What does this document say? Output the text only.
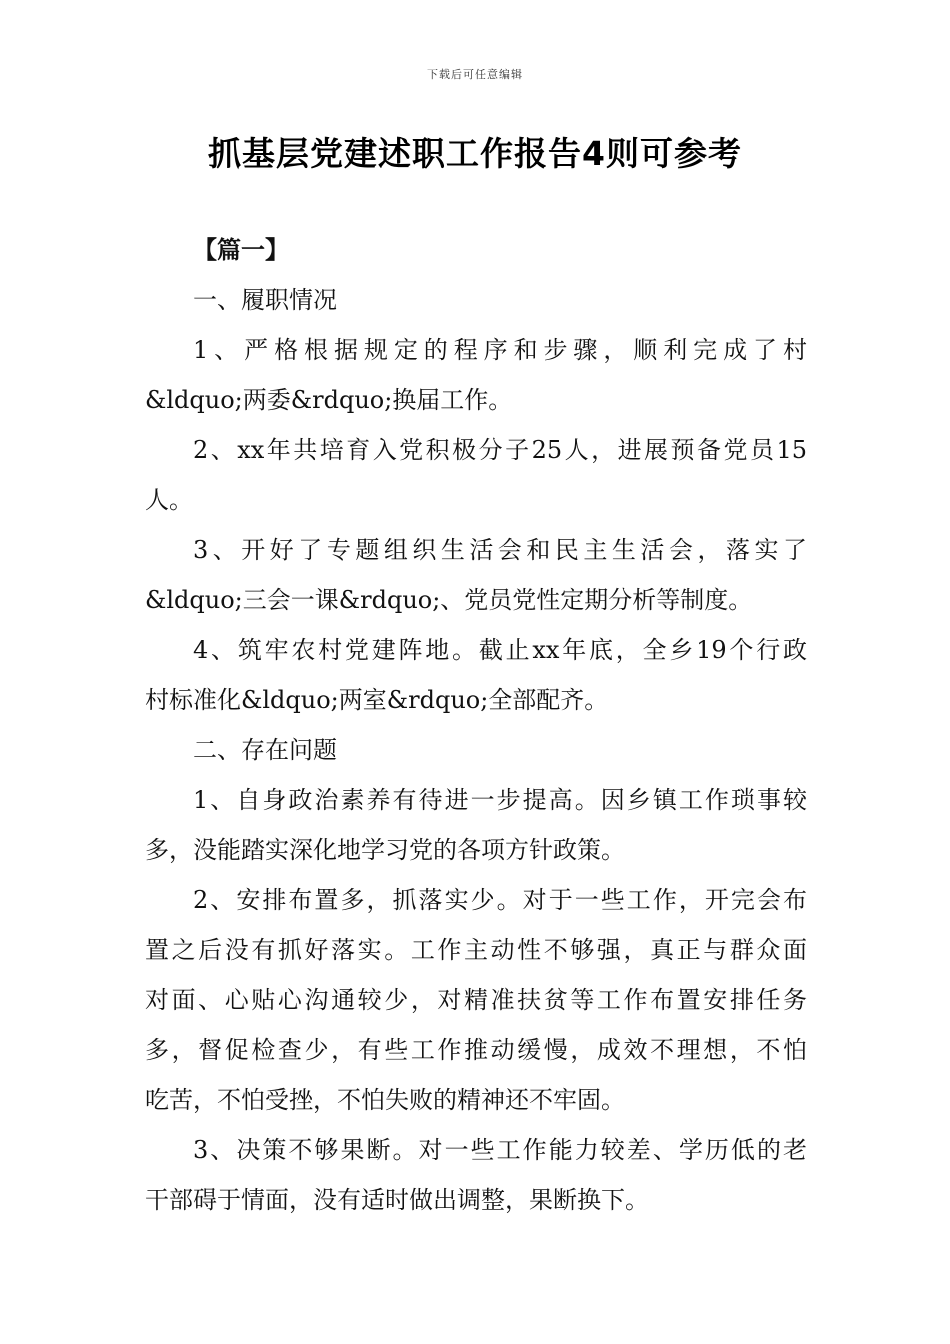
下载后可任意编辑
抓基层党建述职工作报告4则可参考
【篇一】
一、履职情况
1、严格根据规定的程序和步骤，顺利完成了村
&ldquo;两委&rdquo;换届工作。
2、xx年共培育入党积极分子25人，进展预备党员15
人。
3、开好了专题组织生活会和民主生活会，落实了
&ldquo;三会一课&rdquo;、党员党性定期分析等制度。
4、筑牢农村党建阵地。截止xx年底，全乡19个行政
村标准化&ldquo;两室&rdquo;全部配齐。
二、存在问题
1、自身政治素养有待进一步提高。因乡镇工作琐事较
多，没能踏实深化地学习党的各项方针政策。
2、安排布置多，抓落实少。对于一些工作，开完会布
置之后没有抓好落实。工作主动性不够强，真正与群众面
对面、心贴心沟通较少，对精准扶贫等工作布置安排任务
多，督促检查少，有些工作推动缓慢，成效不理想，不怕
吃苦，不怕受挫，不怕失败的精神还不牢固。
3、决策不够果断。对一些工作能力较差、学历低的老
干部碍于情面，没有适时做出调整，果断换下。
